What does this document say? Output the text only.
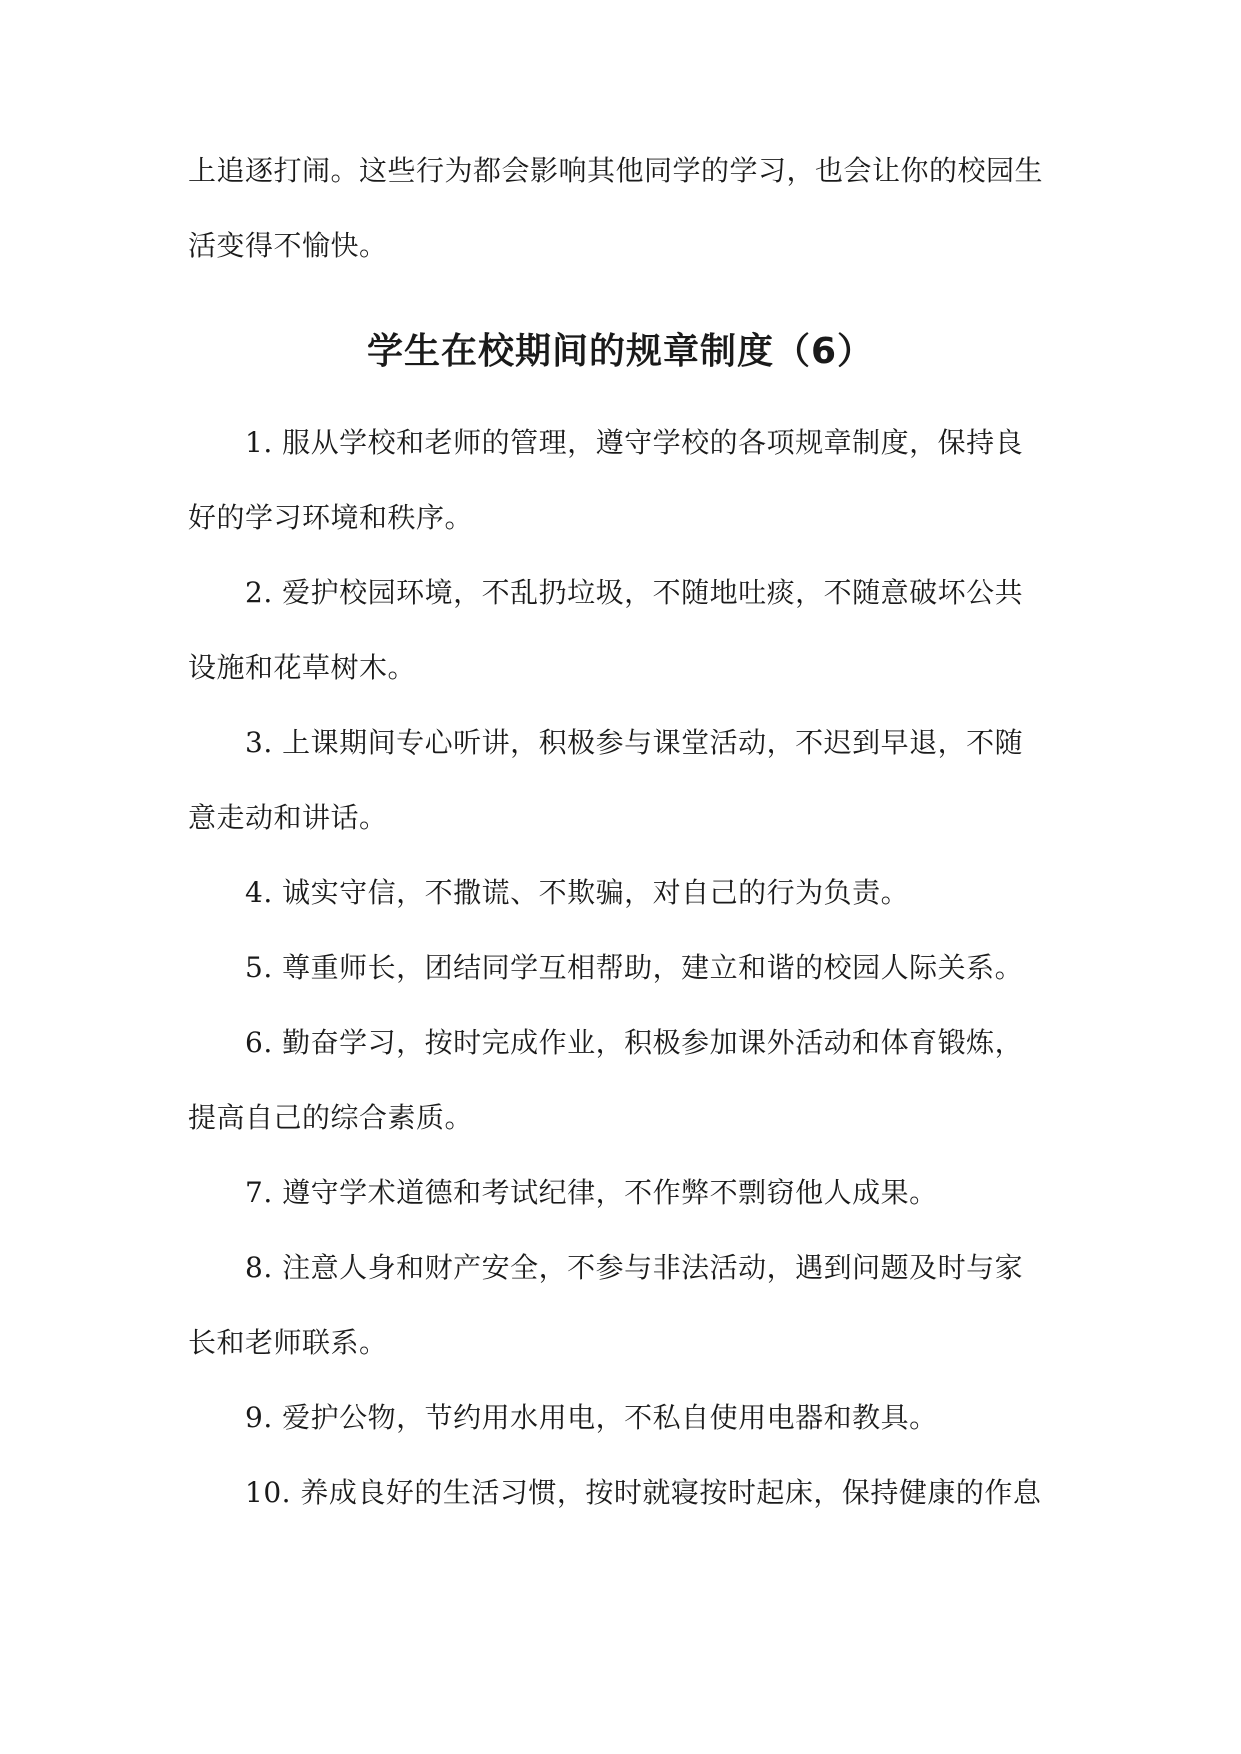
上追逐打闹。这些行为都会影响其他同学的学习，也会让你的校园生
活变得不愉快。
学生在校期间的规章制度（6）
1. 服从学校和老师的管理，遵守学校的各项规章制度，保持良
好的学习环境和秩序。
2. 爱护校园环境，不乱扔垃圾，不随地吐痰，不随意破坏公共
设施和花草树木。
3. 上课期间专心听讲，积极参与课堂活动，不迟到早退，不随
意走动和讲话。
4. 诚实守信，不撒谎、不欺骗，对自己的行为负责。
5. 尊重师长，团结同学互相帮助，建立和谐的校园人际关系。
6. 勤奋学习，按时完成作业，积极参加课外活动和体育锻炼，
提高自己的综合素质。
7. 遵守学术道德和考试纪律，不作弊不剽窃他人成果。
8. 注意人身和财产安全，不参与非法活动，遇到问题及时与家
长和老师联系。
9. 爱护公物，节约用水用电，不私自使用电器和教具。
10. 养成良好的生活习惯，按时就寝按时起床，保持健康的作息
